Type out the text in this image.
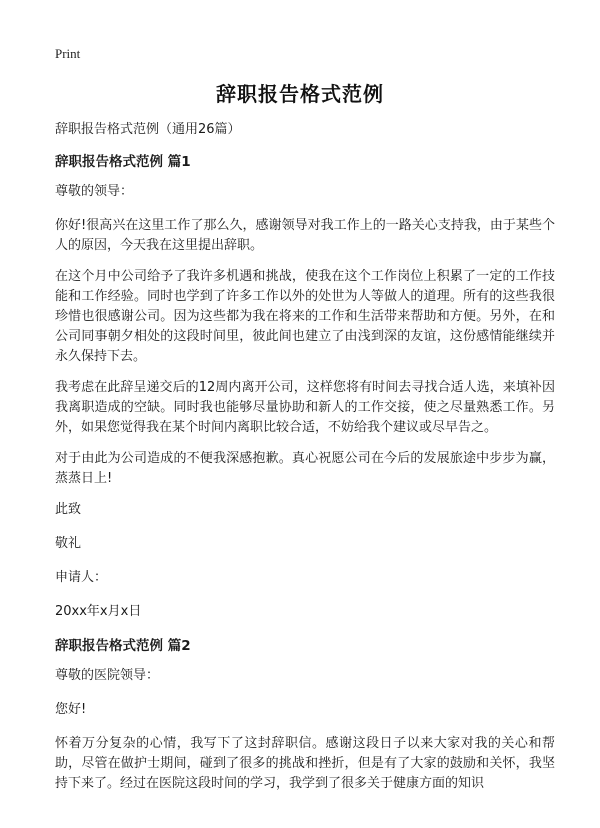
Print
辞职报告格式范例
辞职报告格式范例（通用26篇）
辞职报告格式范例 篇1

尊敬的领导：

你好!很高兴在这里工作了那么久，感谢领导对我工作上的一路关心支持我，由于某些个人的原因，今天我在这里提出辞职。

在这个月中公司给予了我许多机遇和挑战，使我在这个工作岗位上积累了一定的工作技能和工作经验。同时也学到了许多工作以外的处世为人等做人的道理。所有的这些我很珍惜也很感谢公司。因为这些都为我在将来的工作和生活带来帮助和方便。另外，在和公司同事朝夕相处的这段时间里，彼此间也建立了由浅到深的友谊，这份感情能继续并永久保持下去。

我考虑在此辞呈递交后的12周内离开公司，这样您将有时间去寻找合适人选，来填补因我离职造成的空缺。同时我也能够尽量协助和新人的工作交接，使之尽量熟悉工作。另外，如果您觉得我在某个时间内离职比较合适，不妨给我个建议或尽早告之。

对于由此为公司造成的不便我深感抱歉。真心祝愿公司在今后的发展旅途中步步为赢，蒸蒸日上!

此致

敬礼

申请人：

20xx年x月x日

辞职报告格式范例 篇2

尊敬的医院领导：

您好!

怀着万分复杂的心情，我写下了这封辞职信。感谢这段日子以来大家对我的关心和帮助，尽管在做护士期间，碰到了很多的挑战和挫折，但是有了大家的鼓励和关怀，我坚持下来了。经过在医院这段时间的学习，我学到了很多关于健康方面的知识
